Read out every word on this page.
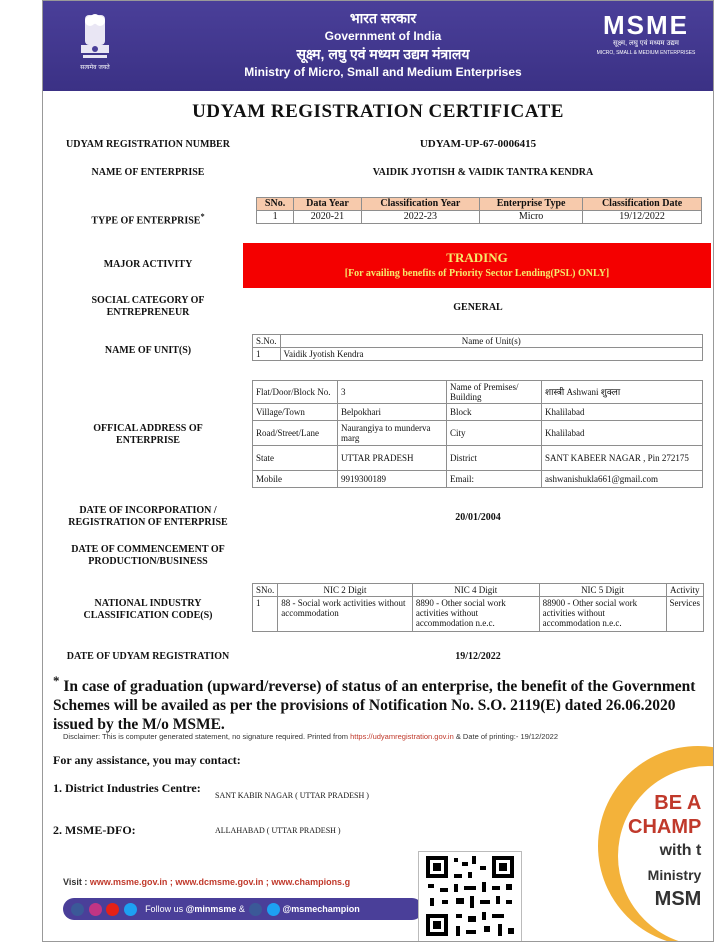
सत्यमेव जयते
भारत सरकार
Government of India
सूक्ष्म, लघु एवं मध्यम उद्यम मंत्रालय
Ministry of Micro, Small and Medium Enterprises
MSME
सूक्ष्म, लघु एवं मध्यम उद्यम
MICRO, SMALL & MEDIUM ENTERPRISES
UDYAM REGISTRATION CERTIFICATE
UDYAM REGISTRATION NUMBER	UDYAM-UP-67-0006415
NAME OF ENTERPRISE	VAIDIK JYOTISH & VAIDIK TANTRA KENDRA
TYPE OF ENTERPRISE*
SNo.	Data Year	Classification Year	Enterprise Type	Classification Date
1	2020-21	2022-23	Micro	19/12/2022
MAJOR ACTIVITY	TRADING
[For availing benefits of Priority Sector Lending(PSL) ONLY]
SOCIAL CATEGORY OF ENTREPRENEUR	GENERAL
NAME OF UNIT(S)
S.No.	Name of Unit(s)
1	Vaidik Jyotish Kendra
OFFICAL ADDRESS OF ENTERPRISE
Flat/Door/Block No.	3	Name of Premises/ Building	शास्त्री Ashwani शुक्ला
Village/Town	Belpokhari	Block	Khalilabad
Road/Street/Lane	Naurangiya to munderva marg	City	Khalilabad
State	UTTAR PRADESH	District	SANT KABEER NAGAR , Pin 272175
Mobile	9919300189	Email:	ashwanishukla661@gmail.com
DATE OF INCORPORATION / REGISTRATION OF ENTERPRISE	20/01/2004
DATE OF COMMENCEMENT OF PRODUCTION/BUSINESS
NATIONAL INDUSTRY CLASSIFICATION CODE(S)
SNo.	NIC 2 Digit	NIC 4 Digit	NIC 5 Digit	Activity
1	88 - Social work activities without accommodation	8890 - Other social work activities without accommodation n.e.c.	88900 - Other social work activities without accommodation n.e.c.	Services
DATE OF UDYAM REGISTRATION	19/12/2022
* In case of graduation (upward/reverse) of status of an enterprise, the benefit of the Government Schemes will be availed as per the provisions of Notification No. S.O. 2119(E) dated 26.06.2020 issued by the M/o MSME.
Disclaimer: This is computer generated statement, no signature required. Printed from https://udyamregistration.gov.in & Date of printing:- 19/12/2022
For any assistance, you may contact:
1. District Industries Centre:
SANT KABIR NAGAR ( UTTAR PRADESH )
2. MSME-DFO:	ALLAHABAD ( UTTAR PRADESH )
BE A
CHAMP
with t
Ministry
MSM
Visit : www.msme.gov.in ; www.dcmsme.gov.in ; www.champions.g
Follow us @minmsme &	@msmechampion
